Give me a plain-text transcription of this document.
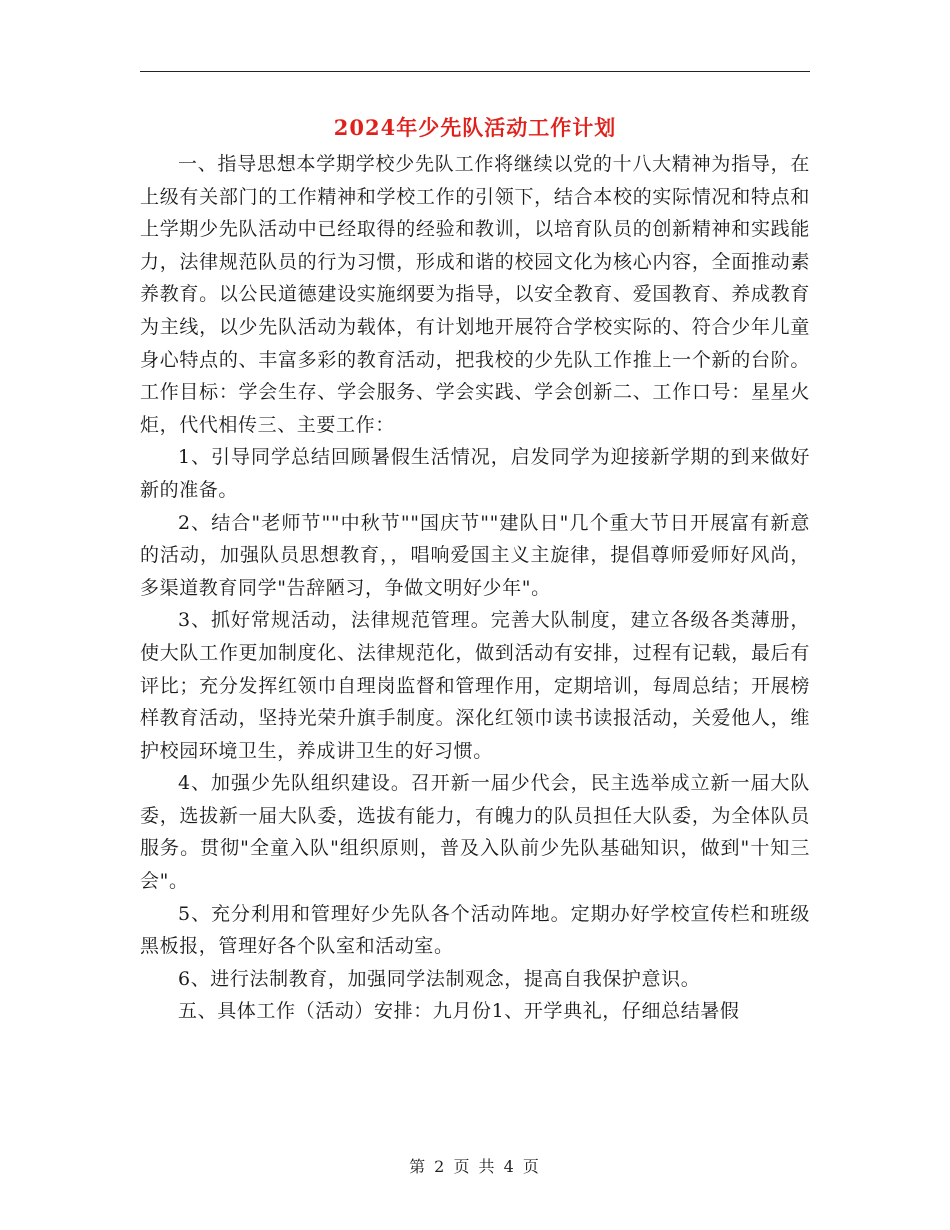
2024年少先队活动工作计划

一、指导思想本学期学校少先队工作将继续以党的十八大精神为指导，在上级有关部门的工作精神和学校工作的引领下，结合本校的实际情况和特点和上学期少先队活动中已经取得的经验和教训，以培育队员的创新精神和实践能力，法律规范队员的行为习惯，形成和谐的校园文化为核心内容，全面推动素养教育。以公民道德建设实施纲要为指导，以安全教育、爱国教育、养成教育为主线，以少先队活动为载体，有计划地开展符合学校实际的、符合少年儿童身心特点的、丰富多彩的教育活动，把我校的少先队工作推上一个新的台阶。工作目标：学会生存、学会服务、学会实践、学会创新二、工作口号：星星火炬，代代相传三、主要工作：

1、引导同学总结回顾暑假生活情况，启发同学为迎接新学期的到来做好新的准备。

2、结合"老师节""中秋节""国庆节""建队日"几个重大节日开展富有新意的活动，加强队员思想教育，，唱响爱国主义主旋律，提倡尊师爱师好风尚，多渠道教育同学"告辞陋习，争做文明好少年"。

3、抓好常规活动，法律规范管理。完善大队制度，建立各级各类薄册，使大队工作更加制度化、法律规范化，做到活动有安排，过程有记载，最后有评比；充分发挥红领巾自理岗监督和管理作用，定期培训，每周总结；开展榜样教育活动，坚持光荣升旗手制度。深化红领巾读书读报活动，关爱他人，维护校园环境卫生，养成讲卫生的好习惯。

4、加强少先队组织建设。召开新一届少代会，民主选举成立新一届大队委，选拔新一届大队委，选拔有能力，有魄力的队员担任大队委，为全体队员服务。贯彻"全童入队"组织原则，普及入队前少先队基础知识，做到"十知三会"。

5、充分利用和管理好少先队各个活动阵地。定期办好学校宣传栏和班级黑板报，管理好各个队室和活动室。

6、进行法制教育，加强同学法制观念，提高自我保护意识。

五、具体工作（活动）安排：九月份1、开学典礼，仔细总结暑假

第 2 页 共 4 页
